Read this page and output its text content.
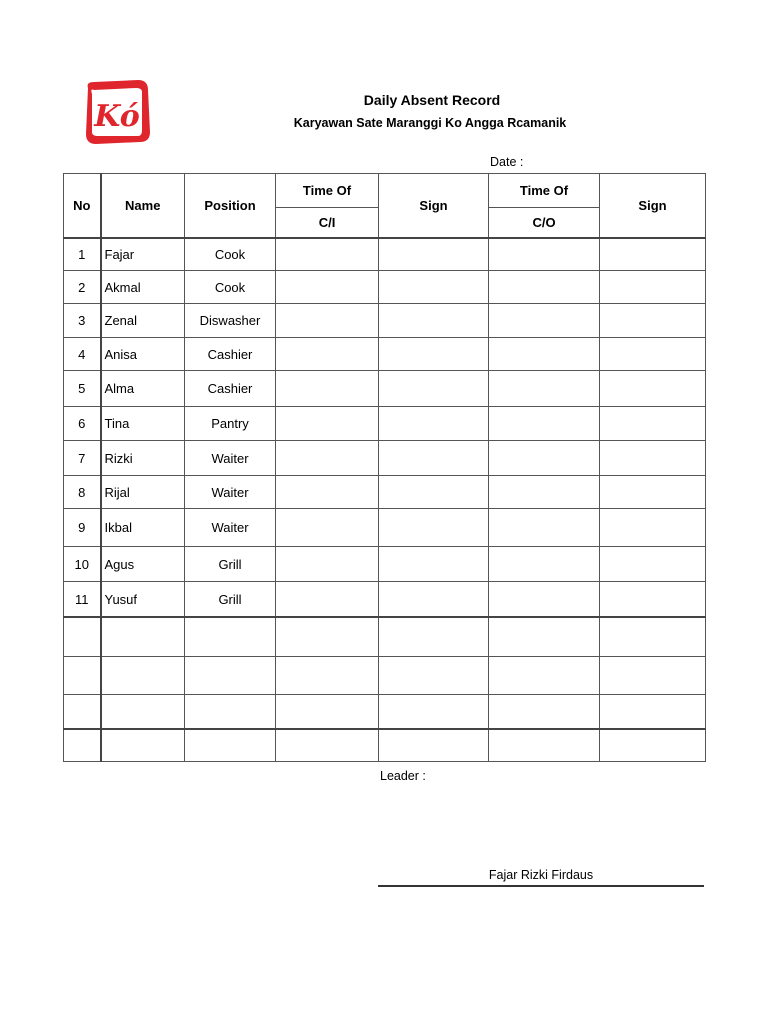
Kó	Daily Absent Record
Karyawan Sate Maranggi Ko Angga Rcamanik
Date :
No	Name	Position	Time Of	Sign	Time Of	Sign
			C/I		C/O	
1	Fajar	Cook				
2	Akmal	Cook				
3	Zenal	Diswasher				
4	Anisa	Cashier				
5	Alma	Cashier				
6	Tina	Pantry				
7	Rizki	Waiter				
8	Rijal	Waiter				
9	Ikbal	Waiter				
10	Agus	Grill				
11	Yusuf	Grill				

Leader :
Fajar Rizki Firdaus
